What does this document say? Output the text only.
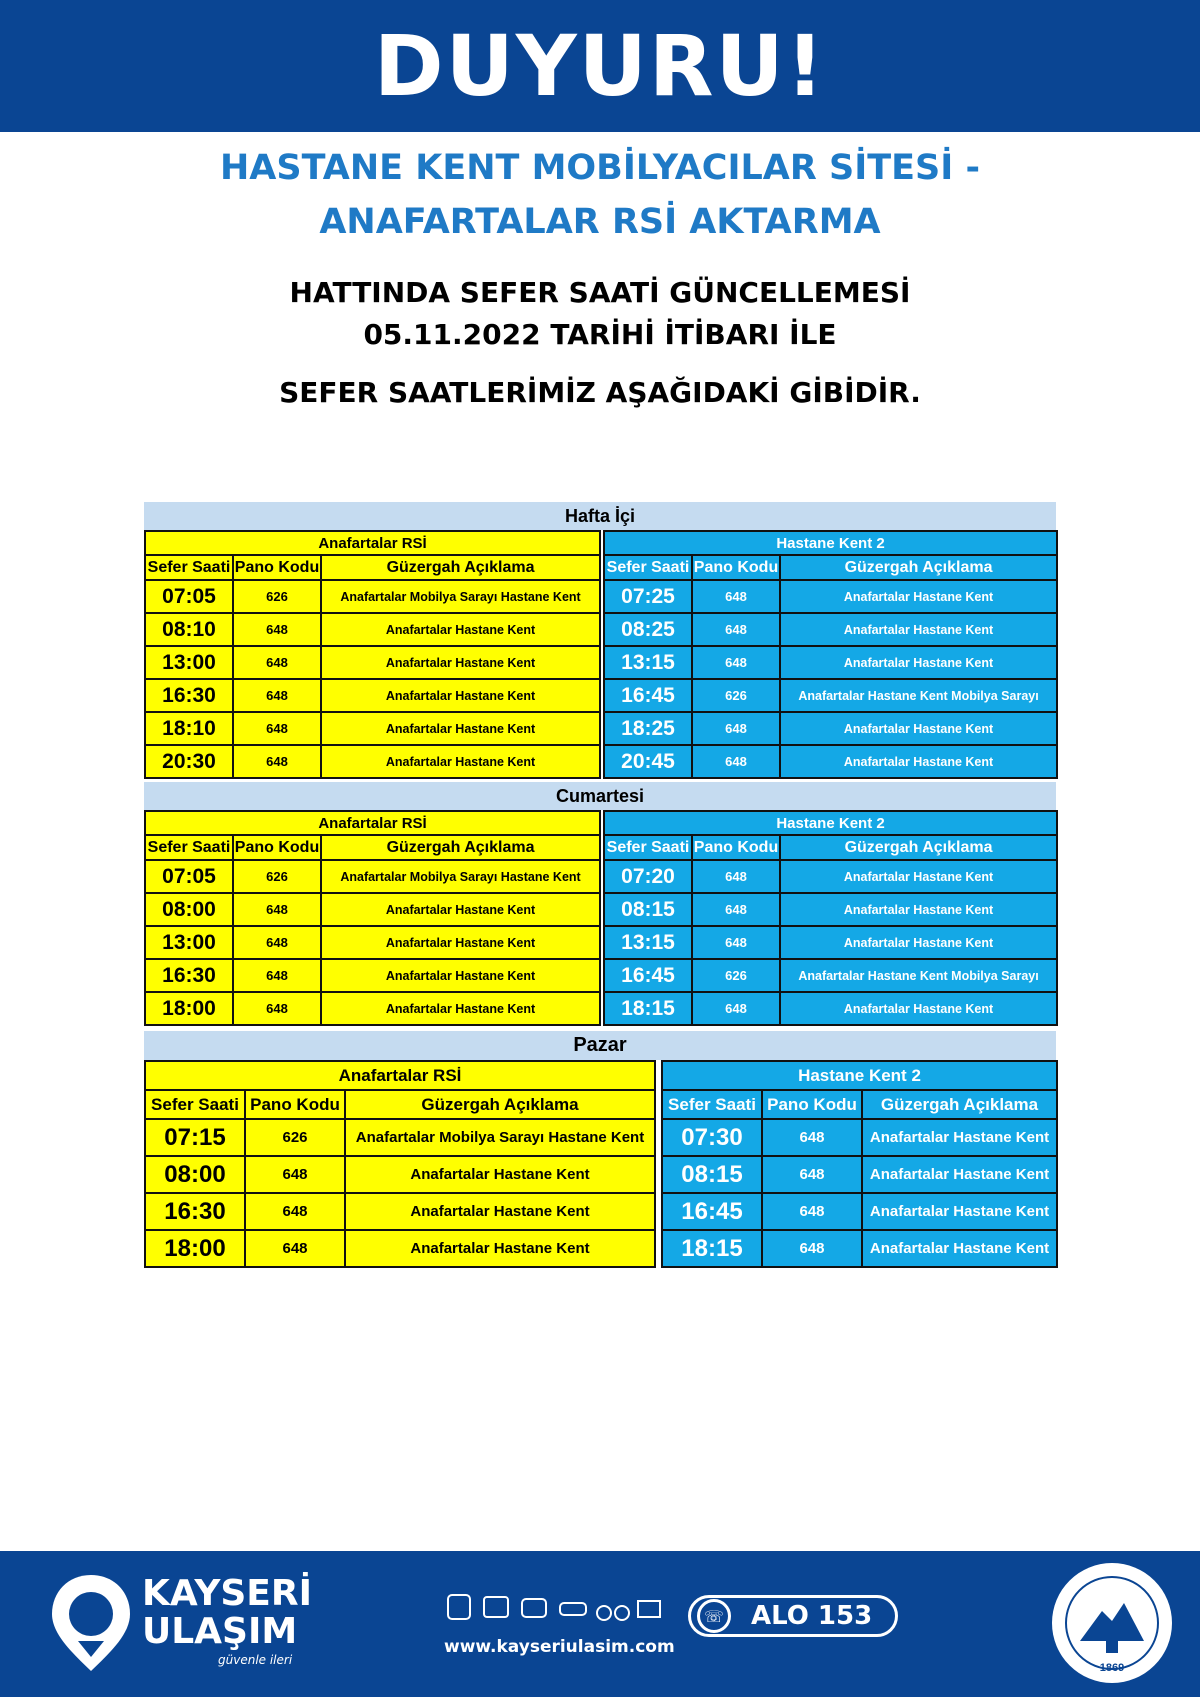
DUYURU!
HASTANE KENT MOBİLYACILAR SİTESİ -
ANAFARTALAR RSİ AKTARMA
HATTINDA SEFER SAATİ GÜNCELLEMESİ
05.11.2022 TARİHİ İTİBARI İLE
SEFER SAATLERİMİZ AŞAĞIDAKİ GİBİDİR.
Hafta İçi
Anafartalar RSİ		
Sefer Saati	Pano Kodu	Güzergah Açıklama
07:05	626	Anafartalar Mobilya Sarayı Hastane Kent
08:10	648	Anafartalar Hastane Kent
13:00	648	Anafartalar Hastane Kent
16:30	648	Anafartalar Hastane Kent
18:10	648	Anafartalar Hastane Kent
20:30	648	Anafartalar Hastane Kent
Hastane Kent 2		
Sefer Saati	Pano Kodu	Güzergah Açıklama
07:25	648	Anafartalar Hastane Kent
08:25	648	Anafartalar Hastane Kent
13:15	648	Anafartalar Hastane Kent
16:45	626	Anafartalar Hastane Kent Mobilya Sarayı
18:25	648	Anafartalar Hastane Kent
20:45	648	Anafartalar Hastane Kent
Cumartesi
Anafartalar RSİ		
Sefer Saati	Pano Kodu	Güzergah Açıklama
07:05	626	Anafartalar Mobilya Sarayı Hastane Kent
08:00	648	Anafartalar Hastane Kent
13:00	648	Anafartalar Hastane Kent
16:30	648	Anafartalar Hastane Kent
18:00	648	Anafartalar Hastane Kent
Hastane Kent 2		
Sefer Saati	Pano Kodu	Güzergah Açıklama
07:20	648	Anafartalar Hastane Kent
08:15	648	Anafartalar Hastane Kent
13:15	648	Anafartalar Hastane Kent
16:45	626	Anafartalar Hastane Kent Mobilya Sarayı
18:15	648	Anafartalar Hastane Kent
Pazar
Anafartalar RSİ		
Sefer Saati	Pano Kodu	Güzergah Açıklama
07:15	626	Anafartalar Mobilya Sarayı Hastane Kent
08:00	648	Anafartalar Hastane Kent
16:30	648	Anafartalar Hastane Kent
18:00	648	Anafartalar Hastane Kent
Hastane Kent 2		
Sefer Saati	Pano Kodu	Güzergah Açıklama
07:30	648	Anafartalar Hastane Kent
08:15	648	Anafartalar Hastane Kent
16:45	648	Anafartalar Hastane Kent
18:15	648	Anafartalar Hastane Kent
KAYSERİ
ULAŞIM
güvenle ileri
www.kayseriulasim.com
☏ ALO 153
1869
